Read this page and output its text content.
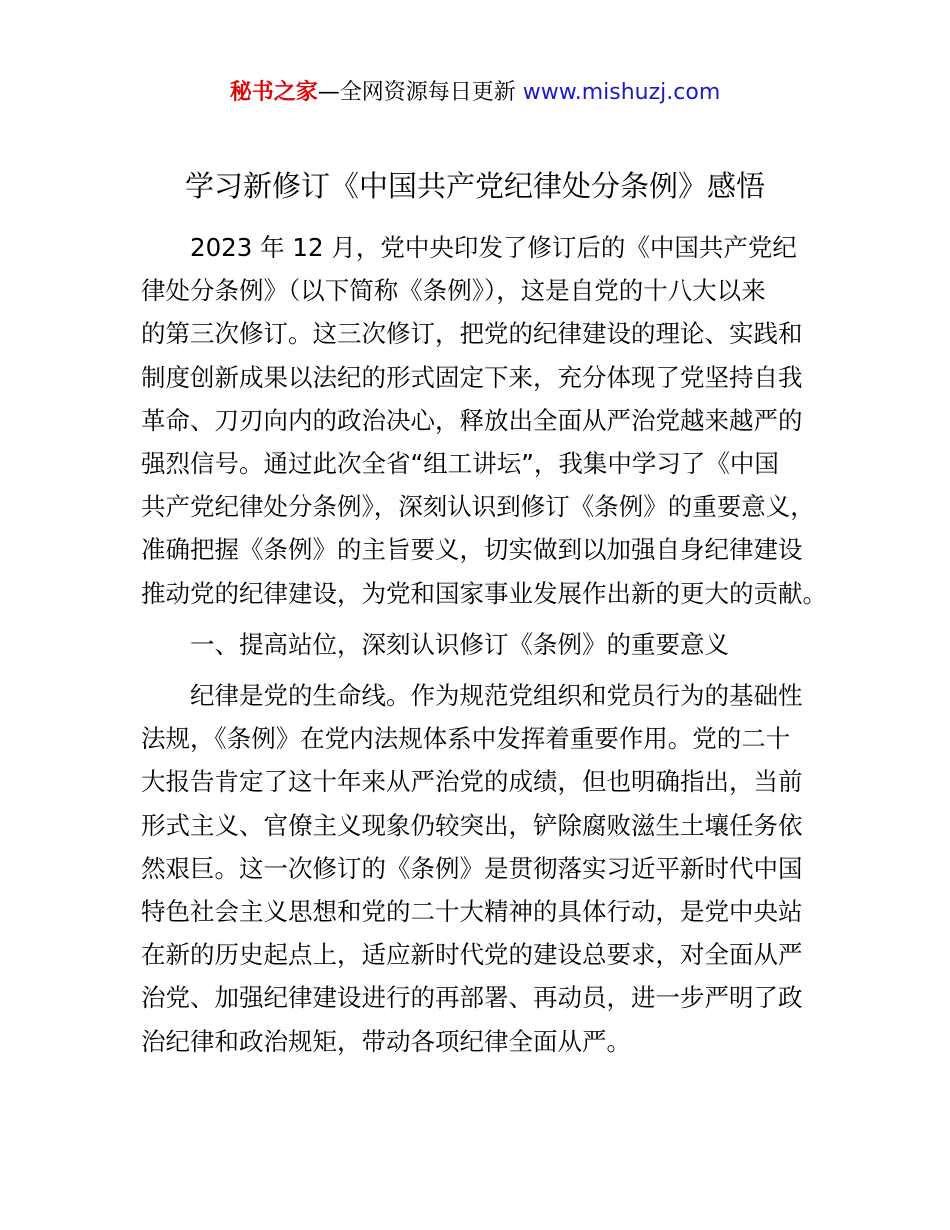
秘书之家—全网资源每日更新 www.mishuzj.com
学习新修订《中国共产党纪律处分条例》感悟

2023 年 12 月，党中央印发了修订后的《中国共产党纪
律处分条例》（以下简称《条例》），这是自党的十八大以来
的第三次修订。这三次修订，把党的纪律建设的理论、实践和
制度创新成果以法纪的形式固定下来，充分体现了党坚持自我
革命、刀刃向内的政治决心，释放出全面从严治党越来越严的
强烈信号。通过此次全省“组工讲坛”，我集中学习了《中国
共产党纪律处分条例》，深刻认识到修订《条例》的重要意义，
准确把握《条例》的主旨要义，切实做到以加强自身纪律建设
推动党的纪律建设，为党和国家事业发展作出新的更大的贡献。

一、提高站位，深刻认识修订《条例》的重要意义

纪律是党的生命线。作为规范党组织和党员行为的基础性
法规，《条例》在党内法规体系中发挥着重要作用。党的二十
大报告肯定了这十年来从严治党的成绩，但也明确指出，当前
形式主义、官僚主义现象仍较突出，铲除腐败滋生土壤任务依
然艰巨。这一次修订的《条例》是贯彻落实习近平新时代中国
特色社会主义思想和党的二十大精神的具体行动，是党中央站
在新的历史起点上，适应新时代党的建设总要求，对全面从严
治党、加强纪律建设进行的再部署、再动员，进一步严明了政
治纪律和政治规矩，带动各项纪律全面从严。
